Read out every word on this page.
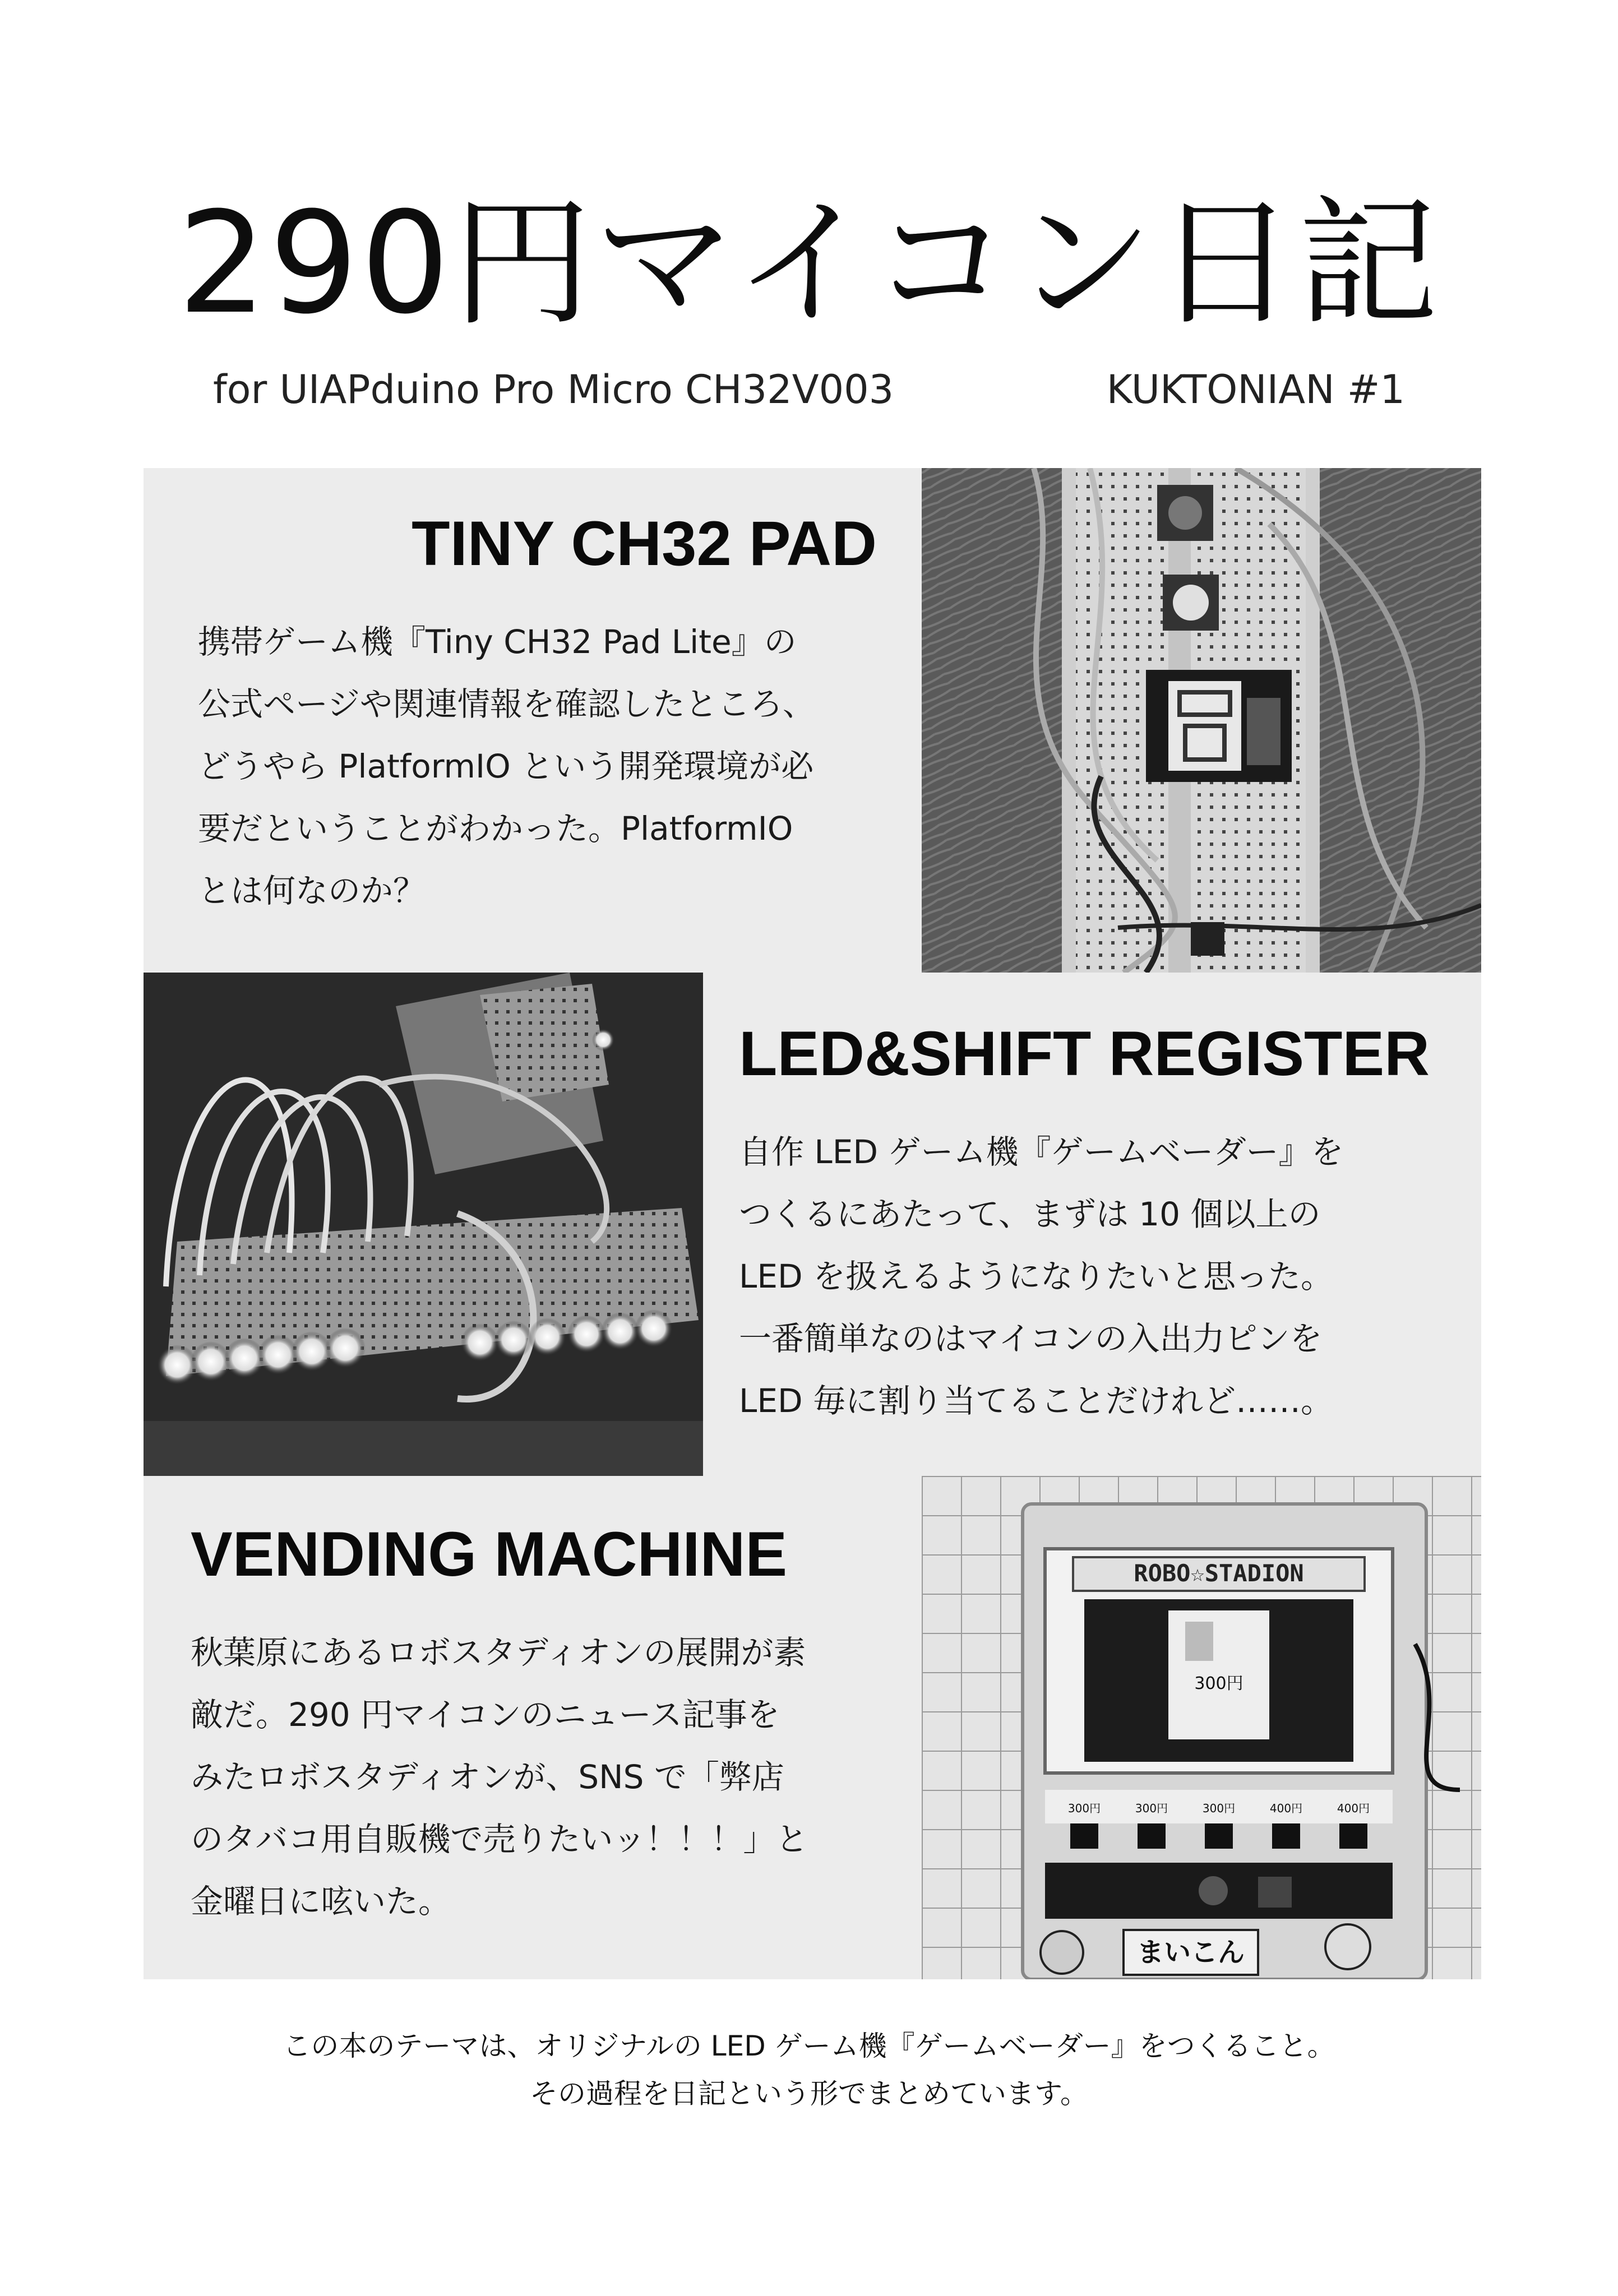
290円マイコン日記
for UIAPduino Pro Micro CH32V003	KUKTONIAN #1
TINY CH32 PAD

携帯ゲーム機『Tiny CH32 Pad Lite』の

公式ページや関連情報を確認したところ、

どうやら PlatformIO という開発環境が必

要だということがわかった。PlatformIO

とは何なのか？

LED&SHIFT REGISTER

自作 LED ゲーム機『ゲームベーダー』を

つくるにあたって、まずは 10 個以上の

LED を扱えるようになりたいと思った。

一番簡単なのはマイコンの入出力ピンを

LED 毎に割り当てることだけれど……。

VENDING MACHINE

秋葉原にあるロボスタディオンの展開が素

敵だ。290 円マイコンのニュース記事を

みたロボスタディオンが、SNS で「弊店

のタバコ用自販機で売りたいッ！！！」と

金曜日に呟いた。

ROBO☆STADION
300円
300円	300円	300円	400円	400円
まいこん
この本のテーマは、オリジナルの LED ゲーム機『ゲームベーダー』をつくること。
その過程を日記という形でまとめています。
